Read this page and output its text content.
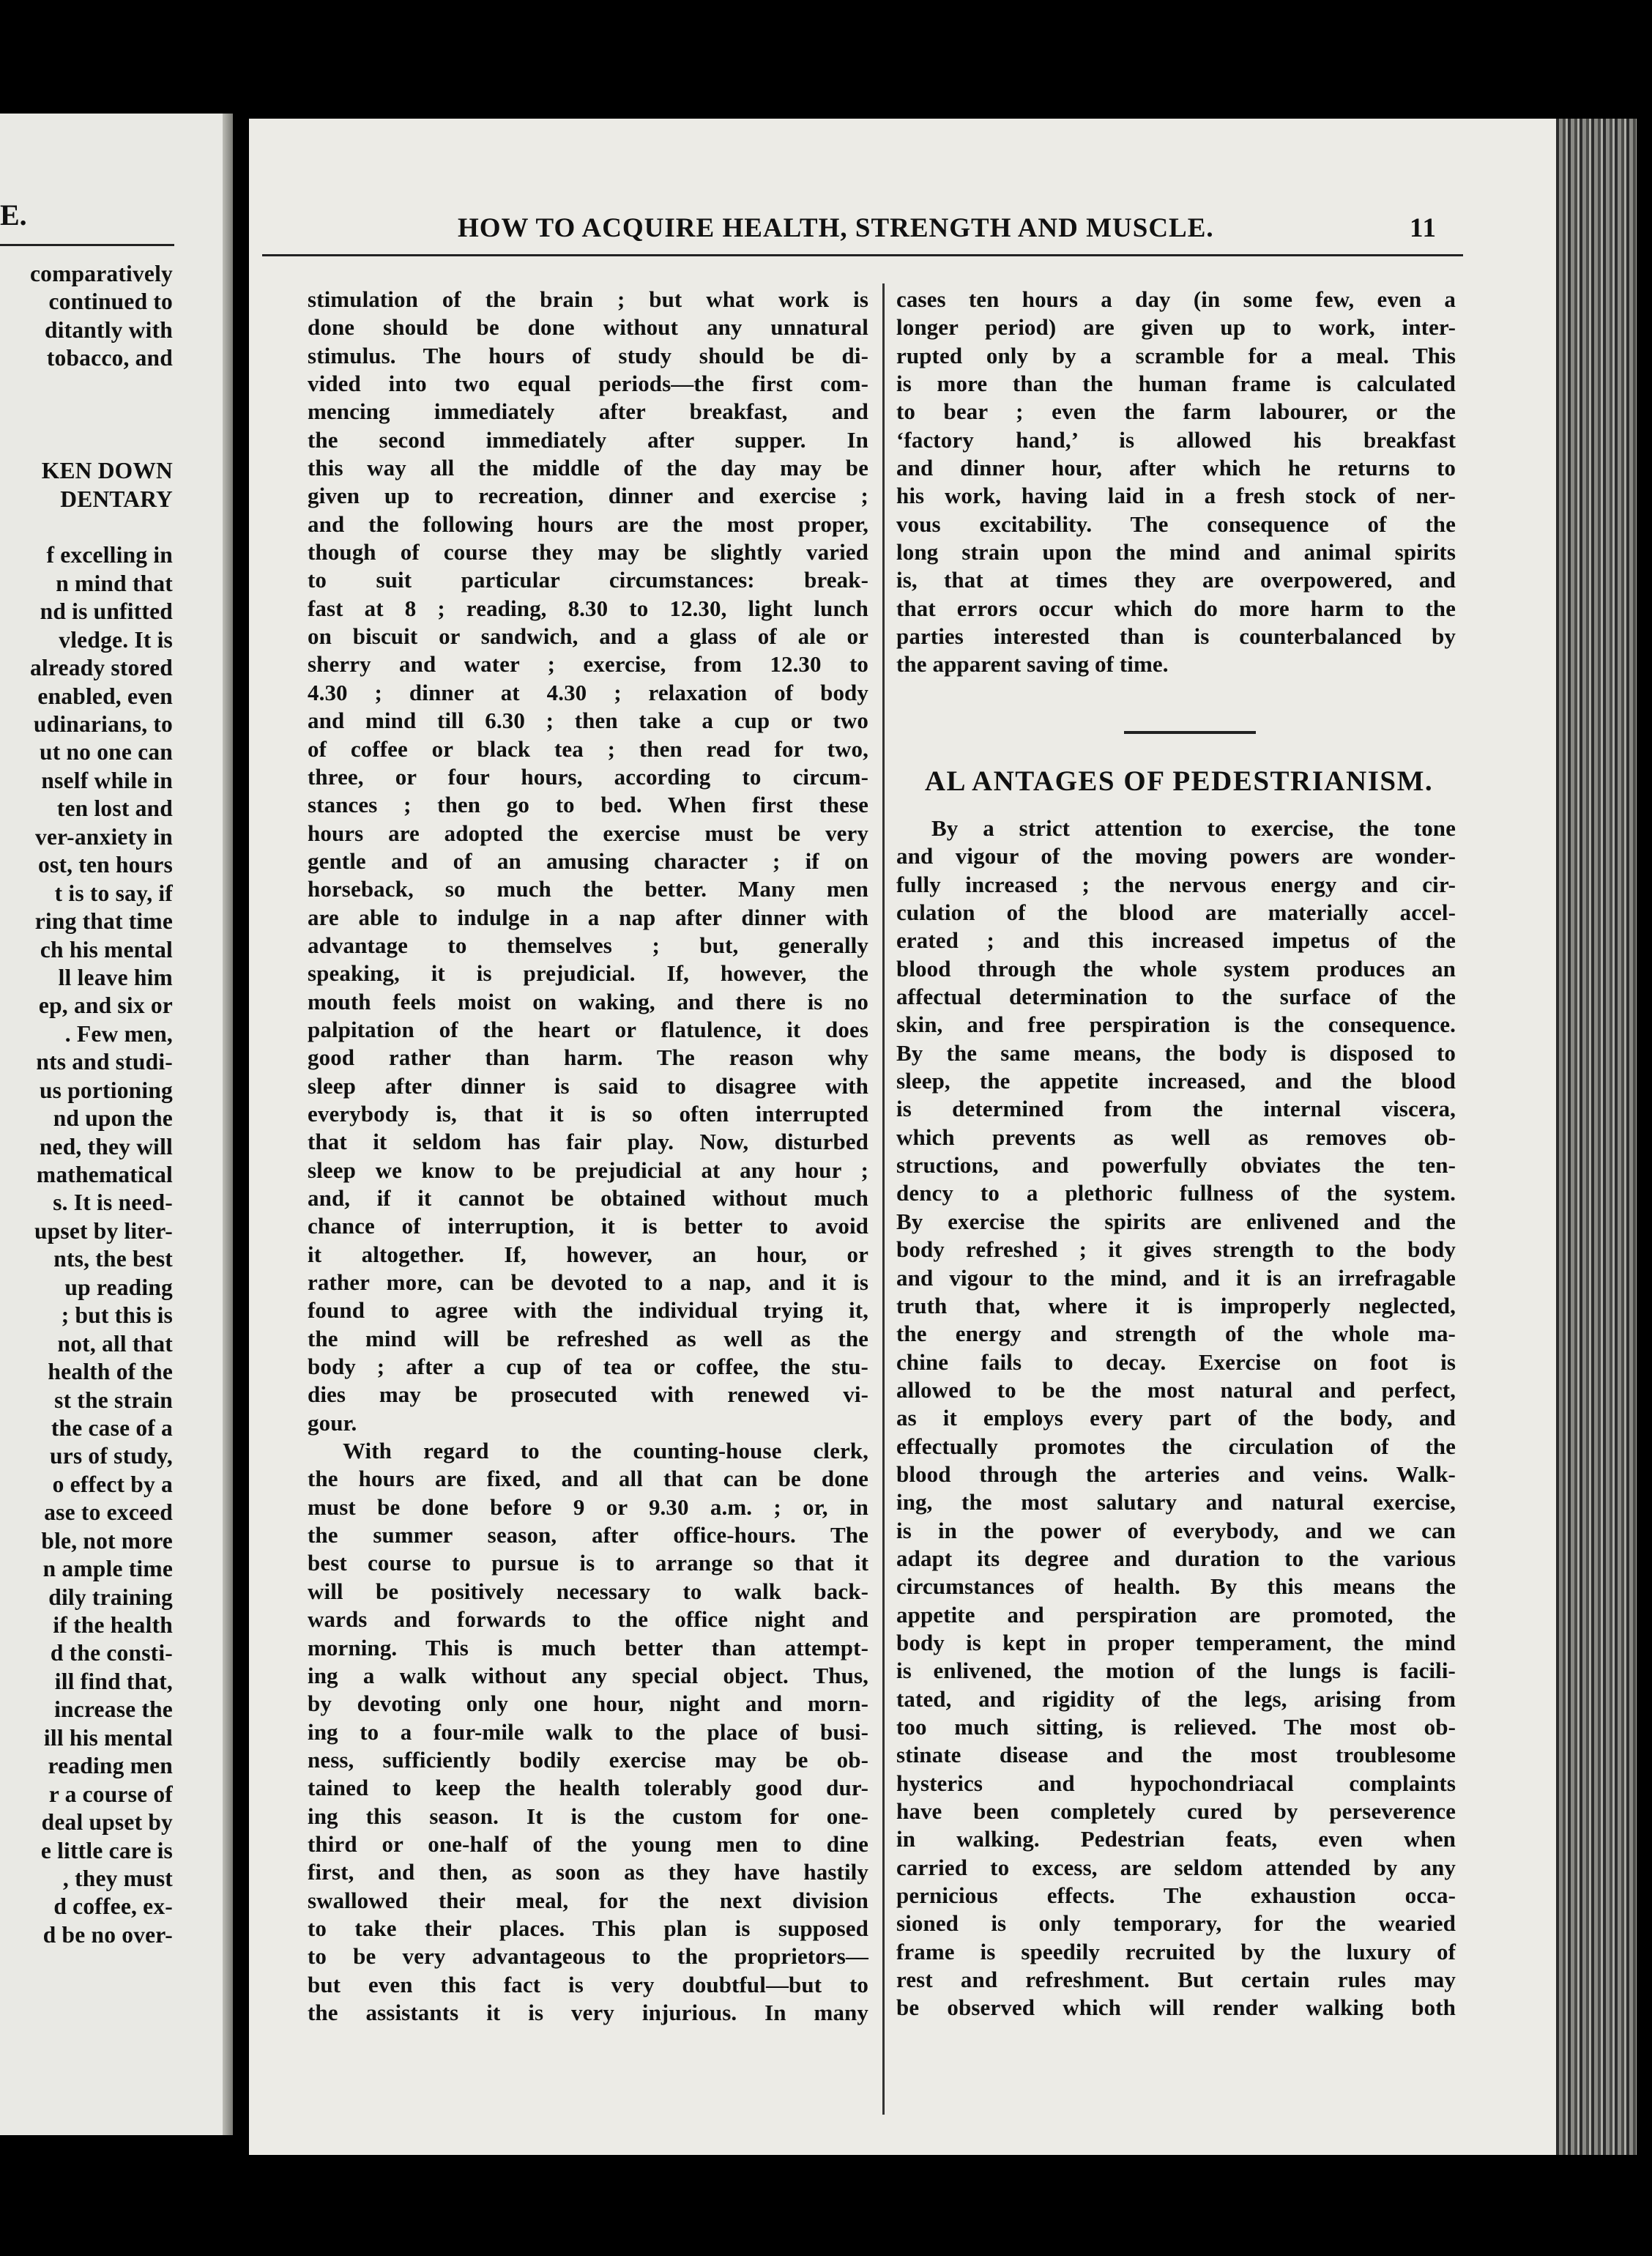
E.
comparatively
continued to
ditantly with
tobacco, and
KEN DOWN
DENTARY
f excelling in
n mind that
nd is unfitted
vledge. It is
already stored
enabled, even
udinarians, to
ut no one can
nself while in
ten lost and
ver-anxiety in
ost, ten hours
t is to say, if
ring that time
ch his mental
ll leave him
ep, and six or
. Few men,
nts and studi-
us portioning
nd upon the
ned, they will
mathematical
s. It is need-
upset by liter-
nts, the best
up reading
; but this is
not, all that
health of the
st the strain
the case of a
urs of study,
o effect by a
ase to exceed
ble, not more
n ample time
dily training
if the health
d the consti-
ill find that,
increase the
ill his mental
reading men
r a course of
deal upset by
e little care is
, they must
d coffee, ex-
d be no over-
HOW TO ACQUIRE HEALTH, STRENGTH AND MUSCLE.	11
stimulation of the brain ; but what work is
done should be done without any unnatural
stimulus. The hours of study should be di-
vided into two equal periods—the first com-
mencing immediately after breakfast, and
the second immediately after supper. In
this way all the middle of the day may be
given up to recreation, dinner and exercise ;
and the following hours are the most proper,
though of course they may be slightly varied
to suit particular circumstances: break-
fast at 8 ; reading, 8.30 to 12.30, light lunch
on biscuit or sandwich, and a glass of ale or
sherry and water ; exercise, from 12.30 to
4.30 ; dinner at 4.30 ; relaxation of body
and mind till 6.30 ; then take a cup or two
of coffee or black tea ; then read for two,
three, or four hours, according to circum-
stances ; then go to bed. When first these
hours are adopted the exercise must be very
gentle and of an amusing character ; if on
horseback, so much the better. Many men
are able to indulge in a nap after dinner with
advantage to themselves ; but, generally
speaking, it is prejudicial. If, however, the
mouth feels moist on waking, and there is no
palpitation of the heart or flatulence, it does
good rather than harm. The reason why
sleep after dinner is said to disagree with
everybody is, that it is so often interrupted
that it seldom has fair play. Now, disturbed
sleep we know to be prejudicial at any hour ;
and, if it cannot be obtained without much
chance of interruption, it is better to avoid
it altogether. If, however, an hour, or
rather more, can be devoted to a nap, and it is
found to agree with the individual trying it,
the mind will be refreshed as well as the
body ; after a cup of tea or coffee, the stu-
dies may be prosecuted with renewed vi-
gour.
With regard to the counting-house clerk,
the hours are fixed, and all that can be done
must be done before 9 or 9.30 a.m. ; or, in
the summer season, after office-hours. The
best course to pursue is to arrange so that it
will be positively necessary to walk back-
wards and forwards to the office night and
morning. This is much better than attempt-
ing a walk without any special object. Thus,
by devoting only one hour, night and morn-
ing to a four-mile walk to the place of busi-
ness, sufficiently bodily exercise may be ob-
tained to keep the health tolerably good dur-
ing this season. It is the custom for one-
third or one-half of the young men to dine
first, and then, as soon as they have hastily
swallowed their meal, for the next division
to take their places. This plan is supposed
to be very advantageous to the proprietors—
but even this fact is very doubtful—but to
the assistants it is very injurious. In many
cases ten hours a day (in some few, even a
longer period) are given up to work, inter-
rupted only by a scramble for a meal. This
is more than the human frame is calculated
to bear ; even the farm labourer, or the
‘factory hand,’ is allowed his breakfast
and dinner hour, after which he returns to
his work, having laid in a fresh stock of ner-
vous excitability. The consequence of the
long strain upon the mind and animal spirits
is, that at times they are overpowered, and
that errors occur which do more harm to the
parties interested than is counterbalanced by
the apparent saving of time.
AL ANTAGES OF PEDESTRIANISM.
By a strict attention to exercise, the tone
and vigour of the moving powers are wonder-
fully increased ; the nervous energy and cir-
culation of the blood are materially accel-
erated ; and this increased impetus of the
blood through the whole system produces an
affectual determination to the surface of the
skin, and free perspiration is the consequence.
By the same means, the body is disposed to
sleep, the appetite increased, and the blood
is determined from the internal viscera,
which prevents as well as removes ob-
structions, and powerfully obviates the ten-
dency to a plethoric fullness of the system.
By exercise the spirits are enlivened and the
body refreshed ; it gives strength to the body
and vigour to the mind, and it is an irrefragable
truth that, where it is improperly neglected,
the energy and strength of the whole ma-
chine fails to decay. Exercise on foot is
allowed to be the most natural and perfect,
as it employs every part of the body, and
effectually promotes the circulation of the
blood through the arteries and veins. Walk-
ing, the most salutary and natural exercise,
is in the power of everybody, and we can
adapt its degree and duration to the various
circumstances of health. By this means the
appetite and perspiration are promoted, the
body is kept in proper temperament, the mind
is enlivened, the motion of the lungs is facili-
tated, and rigidity of the legs, arising from
too much sitting, is relieved. The most ob-
stinate disease and the most troublesome
hysterics and hypochondriacal complaints
have been completely cured by perseverence
in walking. Pedestrian feats, even when
carried to excess, are seldom attended by any
pernicious effects. The exhaustion occa-
sioned is only temporary, for the wearied
frame is speedily recruited by the luxury of
rest and refreshment. But certain rules may
be observed which will render walking both
